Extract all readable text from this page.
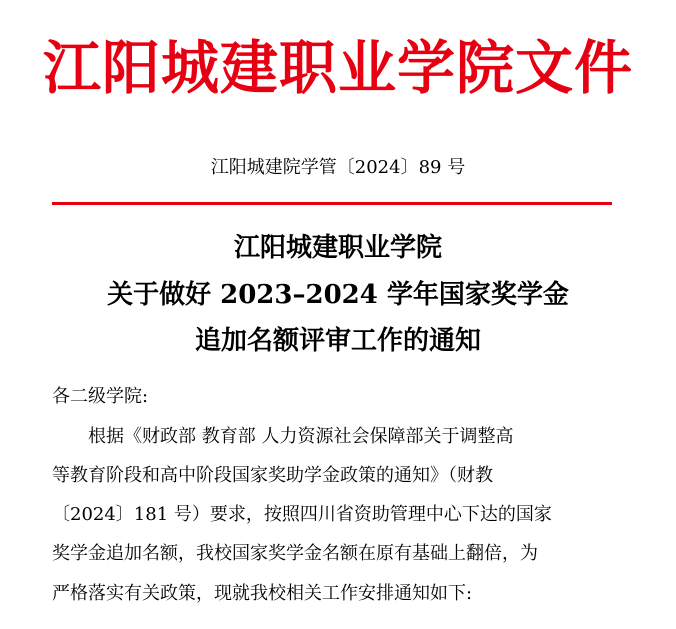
江阳城建职业学院文件
江阳城建院学管〔2024〕89 号
江阳城建职业学院
关于做好 2023–2024 学年国家奖学金
追加名额评审工作的通知
各二级学院:
根据《财政部 教育部 人力资源社会保障部关于调整高
等教育阶段和高中阶段国家奖助学金政策的通知》（财教
〔2024〕181 号）要求，按照四川省资助管理中心下达的国家
奖学金追加名额，我校国家奖学金名额在原有基础上翻倍，为
严格落实有关政策，现就我校相关工作安排通知如下:
